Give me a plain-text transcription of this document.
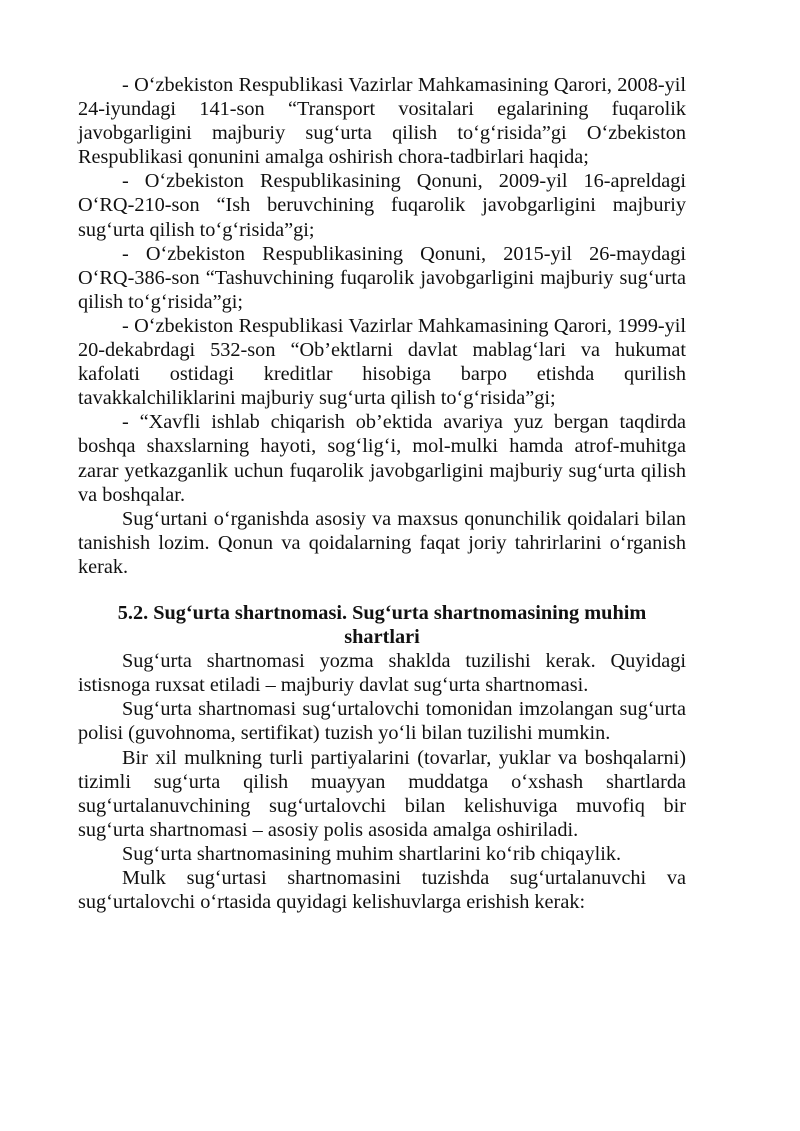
- O‘zbekiston Respublikasi Vazirlar Mahkamasining Qarori, 2008-yil 24-iyundagi 141-son “Transport vositalari egalarining fuqarolik javobgarligini majburiy sug‘urta qilish to‘g‘risida”gi O‘zbekiston Respublikasi qonunini amalga oshirish chora-tadbirlari haqida;

- O‘zbekiston Respublikasining Qonuni, 2009-yil 16-apreldagi O‘RQ-210-son “Ish beruvchining fuqarolik javobgarligini majburiy sug‘urta qilish to‘g‘risida”gi;

- O‘zbekiston Respublikasining Qonuni, 2015-yil 26-maydagi O‘RQ-386-son “Tashuvchining fuqarolik javobgarligini majburiy sug‘urta qilish to‘g‘risida”gi;

- O‘zbekiston Respublikasi Vazirlar Mahkamasining Qarori, 1999-yil 20-dekabrdagi 532-son “Ob’ektlarni davlat mablag‘lari va hukumat kafolati ostidagi kreditlar hisobiga barpo etishda qurilish tavakkalchiliklarini majburiy sug‘urta qilish to‘g‘risida”gi;

- “Xavfli ishlab chiqarish ob’ektida avariya yuz bergan taqdirda boshqa shaxslarning hayoti, sog‘lig‘i, mol-mulki hamda atrof-muhitga zarar yetkazganlik uchun fuqarolik javobgarligini majburiy sug‘urta qilish va boshqalar.

Sug‘urtani o‘rganishda asosiy va maxsus qonunchilik qoidalari bilan tanishish lozim. Qonun va qoidalarning faqat joriy tahrirlarini o‘rganish kerak.

5.2. Sug‘urta shartnomasi. Sug‘urta shartnomasining muhim
shartlari

Sug‘urta shartnomasi yozma shaklda tuzilishi kerak. Quyidagi istisnoga ruxsat etiladi – majburiy davlat sug‘urta shartnomasi.

Sug‘urta shartnomasi sug‘urtalovchi tomonidan imzolangan sug‘urta polisi (guvohnoma, sertifikat) tuzish yo‘li bilan tuzilishi mumkin.

Bir xil mulkning turli partiyalarini (tovarlar, yuklar va boshqalarni) tizimli sug‘urta qilish muayyan muddatga o‘xshash shartlarda sug‘urtalanuvchining sug‘urtalovchi bilan kelishuviga muvofiq bir sug‘urta shartnomasi – asosiy polis asosida amalga oshiriladi.

Sug‘urta shartnomasining muhim shartlarini ko‘rib chiqaylik.

Mulk sug‘urtasi shartnomasini tuzishda sug‘urtalanuvchi va sug‘urtalovchi o‘rtasida quyidagi kelishuvlarga erishish kerak:
